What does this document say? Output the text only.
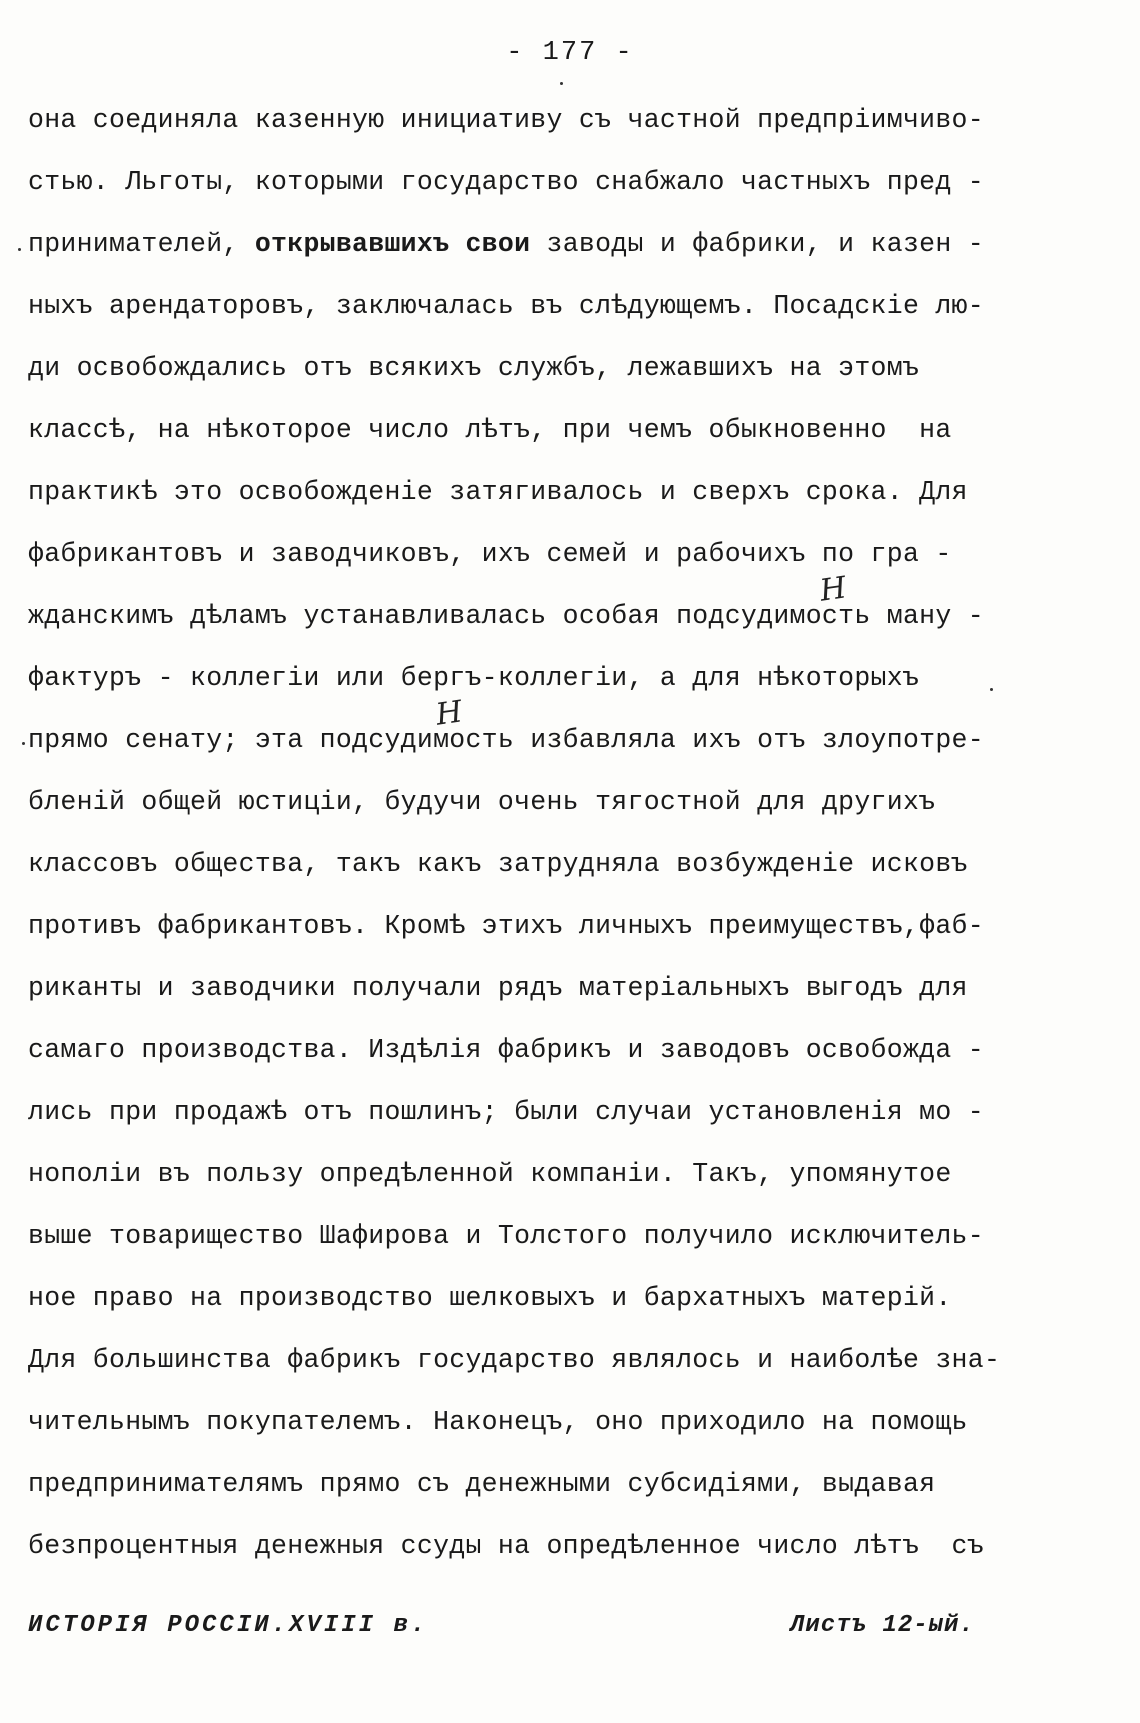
- 177 -
она соединяла казенную инициативу съ частной предпріимчиво-
стью. Льготы, которыми государство снабжало частныхъ пред -
принимателей, открывавшихъ свои заводы и фабрики, и казен -
ныхъ арендаторовъ, заключалась въ слѣдующемъ. Посадскіе лю-
ди освобождались отъ всякихъ службъ, лежавшихъ на этомъ
классѣ, на нѣкоторое число лѣтъ, при чемъ обыкновенно  на
практикѣ это освобожденіе затягивалось и сверхъ срока. Для
фабрикантовъ и заводчиковъ, ихъ семей и рабочихъ по гра -
жданскимъ дѣламъ устанавливалась особая подсудимость ману -
фактуръ - коллегіи или бергъ-коллегіи, а для нѣкоторыхъ
прямо сенату; эта подсудимость избавляла ихъ отъ злоупотре-
бленій общей юстиціи, будучи очень тягостной для другихъ
классовъ общества, такъ какъ затрудняла возбужденіе исковъ
противъ фабрикантовъ. Кромѣ этихъ личныхъ преимуществъ,фаб-
риканты и заводчики получали рядъ матеріальныхъ выгодъ для
самаго производства. Издѣлія фабрикъ и заводовъ освобожда -
лись при продажѣ отъ пошлинъ; были случаи установленія мо -
нополіи въ пользу опредѣленной компаніи. Такъ, упомянутое
выше товарищество Шафирова и Толстого получило исключитель-
ное право на производство шелковыхъ и бархатныхъ матерій.
Для большинства фабрикъ государство являлось и наиболѣе зна-
чительнымъ покупателемъ. Наконецъ, оно приходило на помощь
предпринимателямъ прямо съ денежными субсидіями, выдавая
безпроцентныя денежныя ссуды на опредѣленное число лѣтъ  съ
Н
Н
ИСТОРІЯ РОССІИ.XVIII в.	Листъ 12-ый.
